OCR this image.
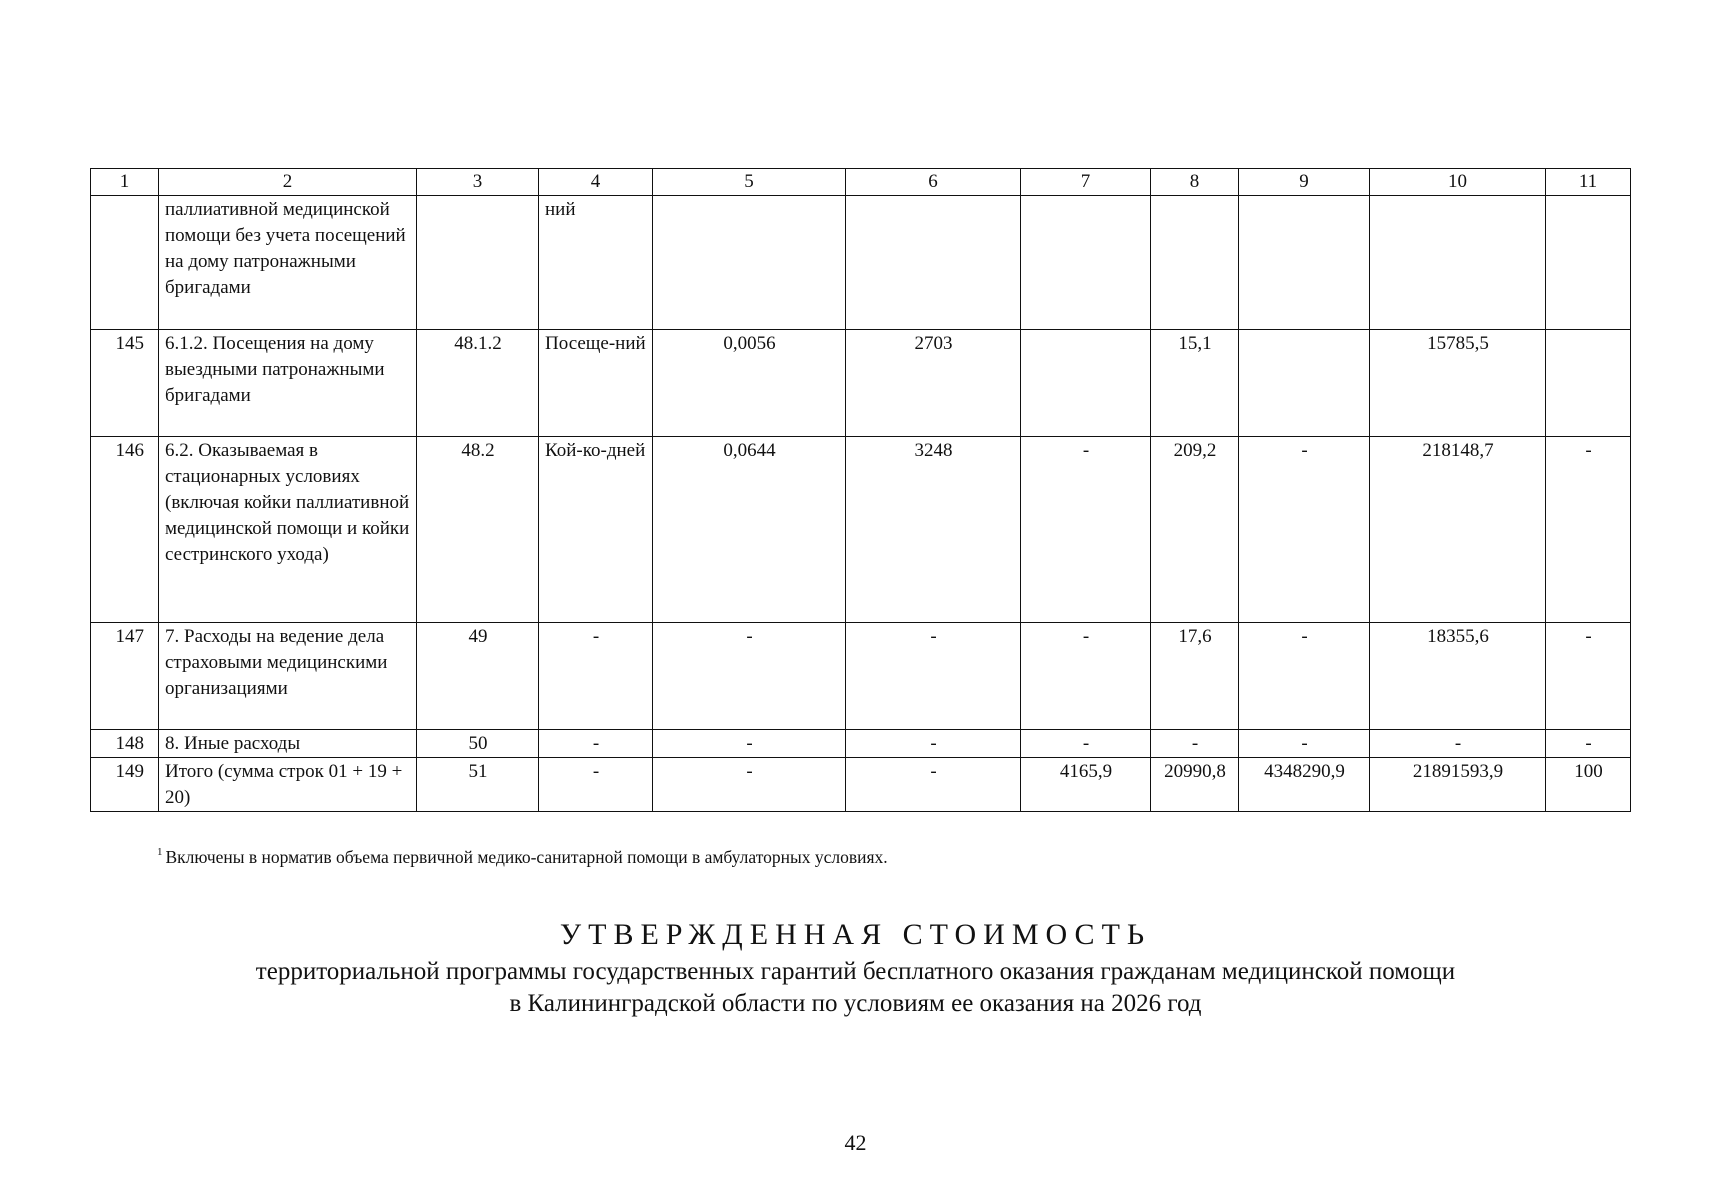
1	2	3	4	5	6	7	8	9	10	11
	паллиативной медицинской помощи без учета посещений на дому патронажными бригадами		ний							
145	6.1.2. Посещения на дому выездными патронажными бригадами	48.1.2	Посеще-ний	0,0056	2703		15,1		15785,5	
146	6.2. Оказываемая в стационарных условиях (включая койки паллиативной медицинской помощи и койки сестринского ухода)	48.2	Кой-ко-дней	0,0644	3248	-	209,2	-	218148,7	-
147	7. Расходы на ведение дела страховыми медицинскими организациями	49	-	-	-	-	17,6	-	18355,6	-
148	8. Иные расходы	50	-	-	-	-	-	-	-	-
149	Итого (сумма строк 01 + 19 + 20)	51	-	-	-	4165,9	20990,8	4348290,9	21891593,9	100
$^1$ Включены в норматив объема первичной медико-санитарной помощи в амбулаторных условиях.
УТВЕРЖДЕННАЯ СТОИМОСТЬ
территориальной программы государственных гарантий бесплатного оказания гражданам медицинской помощи
в Калининградской области по условиям ее оказания на 2026 год
42
